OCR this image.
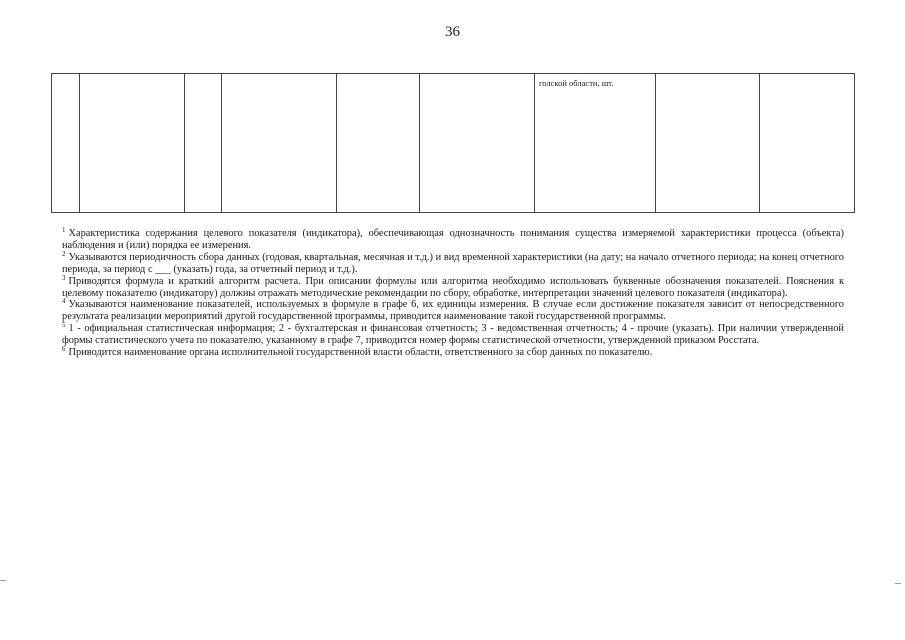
36
						голской области, шт.		

$^1$ Характеристика содержания целевого показателя (индикатора), обеспечивающая однозначность понимания существа измеряемой характеристики процесса (объекта) наблюдения и (или) порядка ее измерения.

$^2$ Указываются периодичность сбора данных (годовая, квартальная, месячная и т.д.) и вид временной характеристики (на дату; на начало отчетного периода; на конец отчетного периода, за период с ___ (указать) года, за отчетный период и т.д.).

$^3$ Приводятся формула и краткий алгоритм расчета. При описании формулы или алгоритма необходимо использовать буквенные обозначения показателей. Пояснения к целевому показателю (индикатору) должны отражать методические рекомендации по сбору, обработке, интерпретации значений целевого показателя (индикатора).

$^4$ Указываются наименование показателей, используемых в формуле в графе 6, их единицы измерения. В случае если достижение показателя зависит от непосредственного результата реализации мероприятий другой государственной программы, приводится наименование такой государственной программы.

$^5$ 1 - официальная статистическая информация; 2 - бухгалтерская и финансовая отчетность; 3 - ведомственная отчетность; 4 - прочие (указать). При наличии утвержденной формы статистического учета по показателю, указанному в графе 7, приводится номер формы статистической отчетности, утвержденной приказом Росстата.

$^6$ Приводится наименование органа исполнительной государственной власти области, ответственного за сбор данных по показателю.
